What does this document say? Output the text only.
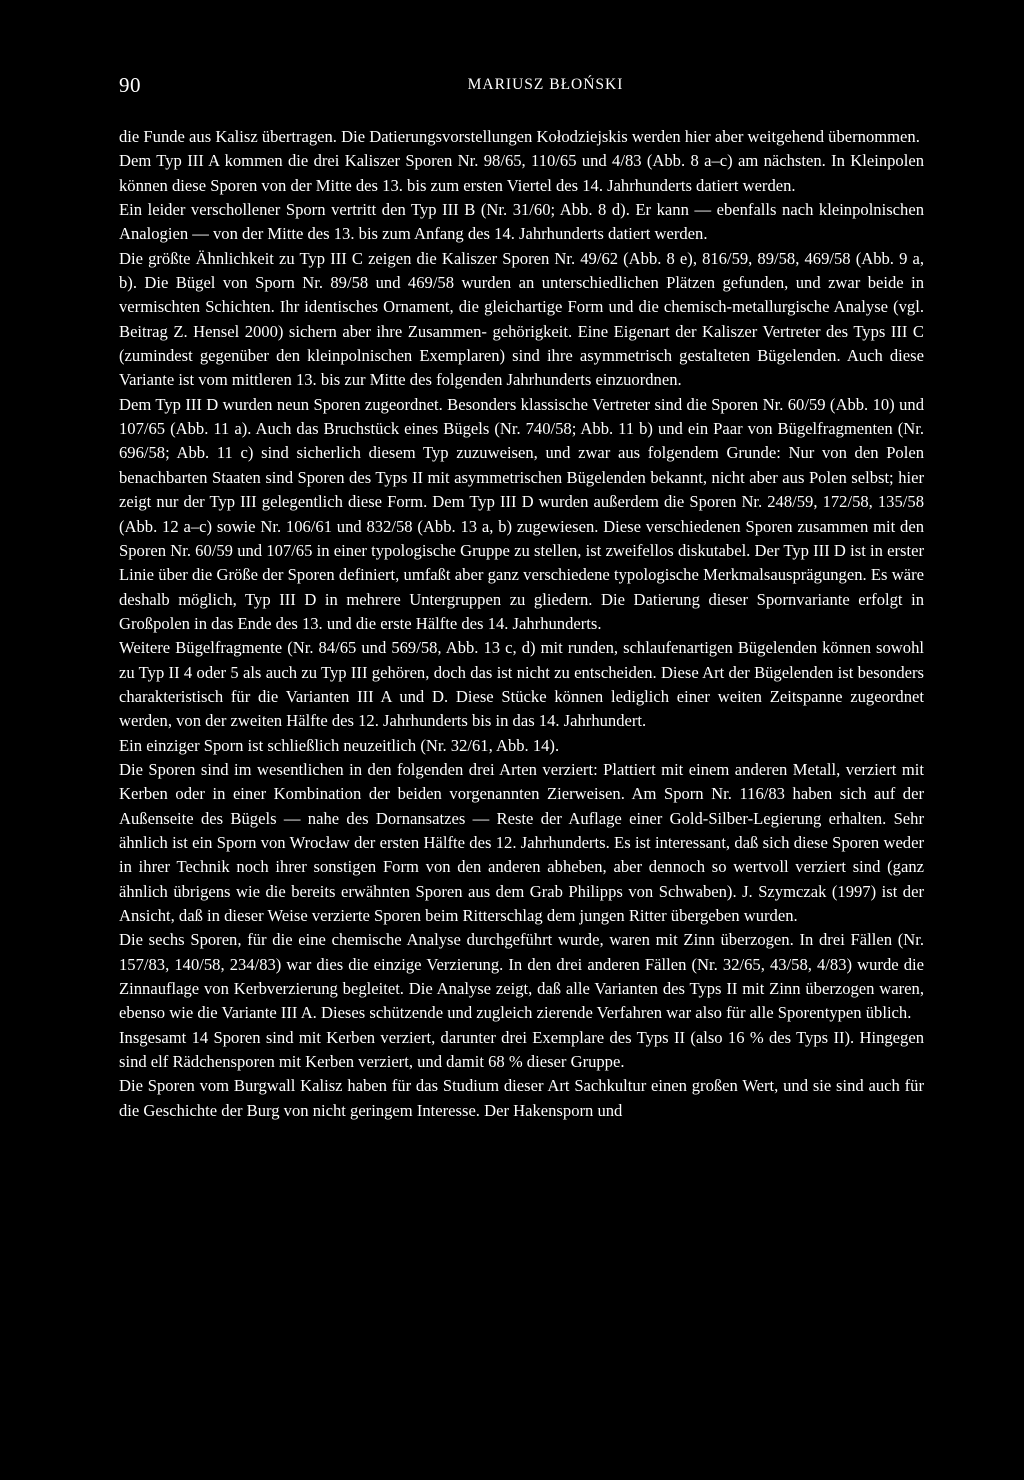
90	MARIUSZ BŁOŃSKI

die Funde aus Kalisz übertragen. Die Datierungsvorstellungen Kołodziejskis werden hier aber weitgehend übernommen.

Dem Typ III A kommen die drei Kaliszer Sporen Nr. 98/65, 110/65 und 4/83 (Abb. 8 a–c) am nächsten. In Kleinpolen können diese Sporen von der Mitte des 13. bis zum ersten Viertel des 14. Jahrhunderts datiert werden.

Ein leider verschollener Sporn vertritt den Typ III B (Nr. 31/60; Abb. 8 d). Er kann — ebenfalls nach kleinpolnischen Analogien — von der Mitte des 13. bis zum Anfang des 14. Jahrhunderts datiert werden.

Die größte Ähnlichkeit zu Typ III C zeigen die Kaliszer Sporen Nr. 49/62 (Abb. 8 e), 816/59, 89/58, 469/58 (Abb. 9 a, b). Die Bügel von Sporn Nr. 89/58 und 469/58 wurden an unterschiedlichen Plätzen gefunden, und zwar beide in vermischten Schichten. Ihr identisches Ornament, die gleichartige Form und die chemisch-metallurgische Analyse (vgl. Beitrag Z. Hensel 2000) sichern aber ihre Zusammen- gehörigkeit. Eine Eigenart der Kaliszer Vertreter des Typs III C (zumindest gegenüber den kleinpolnischen Exemplaren) sind ihre asymmetrisch gestalteten Bügelenden. Auch diese Variante ist vom mittleren 13. bis zur Mitte des folgenden Jahrhunderts einzuordnen.

Dem Typ III D wurden neun Sporen zugeordnet. Besonders klassische Vertreter sind die Sporen Nr. 60/59 (Abb. 10) und 107/65 (Abb. 11 a). Auch das Bruchstück eines Bügels (Nr. 740/58; Abb. 11 b) und ein Paar von Bügelfragmenten (Nr. 696/58; Abb. 11 c) sind sicherlich diesem Typ zuzuweisen, und zwar aus folgendem Grunde: Nur von den Polen benachbarten Staaten sind Sporen des Typs II mit asymmetrischen Bügelenden bekannt, nicht aber aus Polen selbst; hier zeigt nur der Typ III gelegentlich diese Form. Dem Typ III D wurden außerdem die Sporen Nr. 248/59, 172/58, 135/58 (Abb. 12 a–c) sowie Nr. 106/61 und 832/58 (Abb. 13 a, b) zugewiesen. Diese verschiedenen Sporen zusammen mit den Sporen Nr. 60/59 und 107/65 in einer typologische Gruppe zu stellen, ist zweifellos diskutabel. Der Typ III D ist in erster Linie über die Größe der Sporen definiert, umfaßt aber ganz verschiedene typologische Merkmalsausprägungen. Es wäre deshalb möglich, Typ III D in mehrere Untergruppen zu gliedern. Die Datierung dieser Spornvariante erfolgt in Großpolen in das Ende des 13. und die erste Hälfte des 14. Jahrhunderts.

Weitere Bügelfragmente (Nr. 84/65 und 569/58, Abb. 13 c, d) mit runden, schlaufenartigen Bügelenden können sowohl zu Typ II 4 oder 5 als auch zu Typ III gehören, doch das ist nicht zu entscheiden. Diese Art der Bügelenden ist besonders charakteristisch für die Varianten III A und D. Diese Stücke können lediglich einer weiten Zeitspanne zugeordnet werden, von der zweiten Hälfte des 12. Jahrhunderts bis in das 14. Jahrhundert.

Ein einziger Sporn ist schließlich neuzeitlich (Nr. 32/61, Abb. 14).

Die Sporen sind im wesentlichen in den folgenden drei Arten verziert: Plattiert mit einem anderen Metall, verziert mit Kerben oder in einer Kombination der beiden vorgenannten Zierweisen. Am Sporn Nr. 116/83 haben sich auf der Außenseite des Bügels — nahe des Dornansatzes — Reste der Auflage einer Gold-Silber-Legierung erhalten. Sehr ähnlich ist ein Sporn von Wrocław der ersten Hälfte des 12. Jahrhunderts. Es ist interessant, daß sich diese Sporen weder in ihrer Technik noch ihrer sonstigen Form von den anderen abheben, aber dennoch so wertvoll verziert sind (ganz ähnlich übrigens wie die bereits erwähnten Sporen aus dem Grab Philipps von Schwaben). J. Szymczak (1997) ist der Ansicht, daß in dieser Weise verzierte Sporen beim Ritterschlag dem jungen Ritter übergeben wurden.

Die sechs Sporen, für die eine chemische Analyse durchgeführt wurde, waren mit Zinn überzogen. In drei Fällen (Nr. 157/83, 140/58, 234/83) war dies die einzige Verzierung. In den drei anderen Fällen (Nr. 32/65, 43/58, 4/83) wurde die Zinnauflage von Kerbverzierung begleitet. Die Analyse zeigt, daß alle Varianten des Typs II mit Zinn überzogen waren, ebenso wie die Variante III A. Dieses schützende und zugleich zierende Verfahren war also für alle Sporentypen üblich.

Insgesamt 14 Sporen sind mit Kerben verziert, darunter drei Exemplare des Typs II (also 16 % des Typs II). Hingegen sind elf Rädchensporen mit Kerben verziert, und damit 68 % dieser Gruppe.

Die Sporen vom Burgwall Kalisz haben für das Studium dieser Art Sachkultur einen großen Wert, und sie sind auch für die Geschichte der Burg von nicht geringem Interesse. Der Hakensporn und
